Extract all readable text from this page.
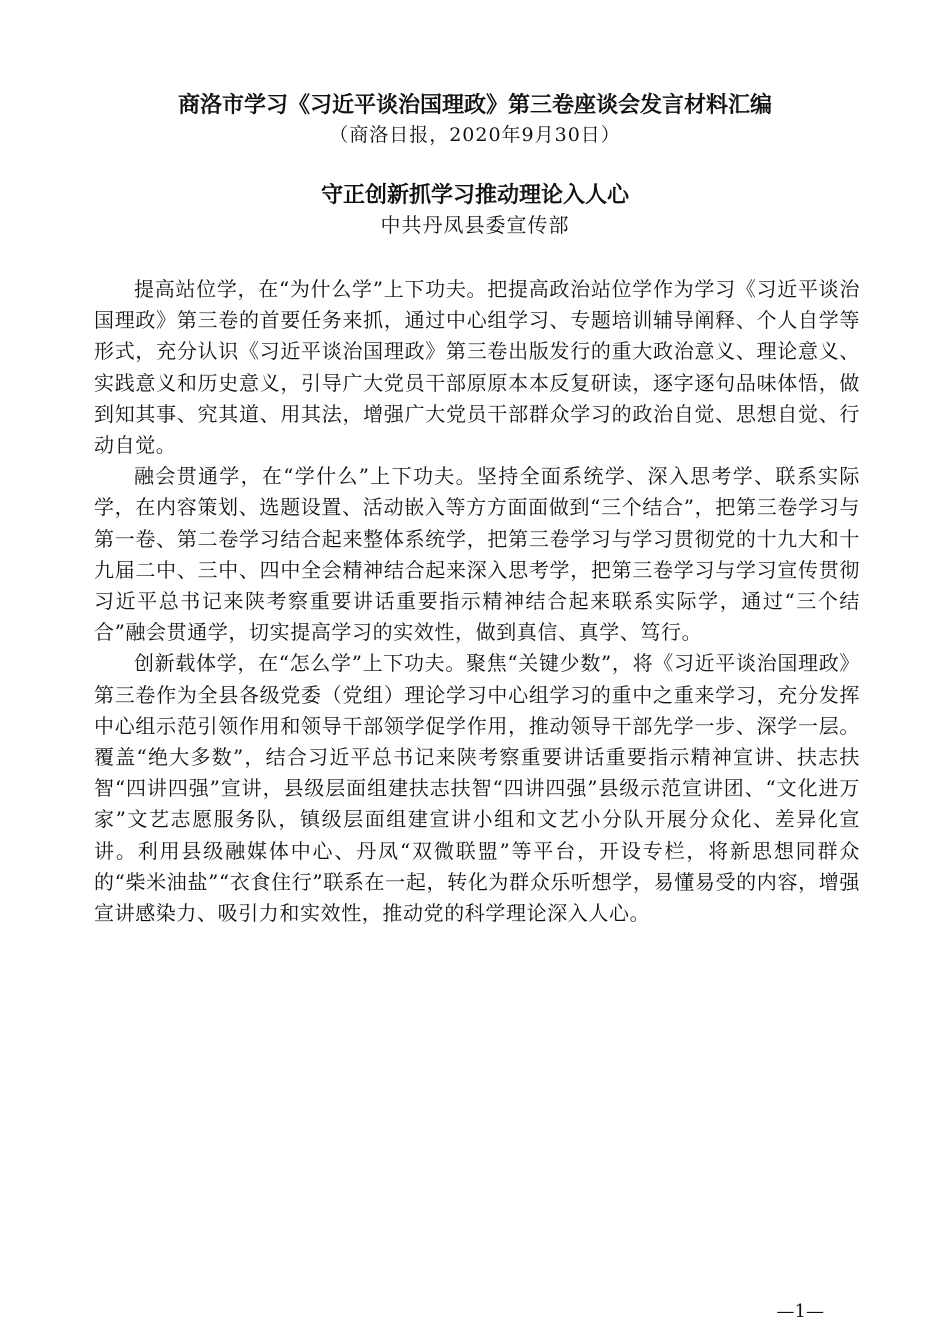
商洛市学习《习近平谈治国理政》第三卷座谈会发言材料汇编
（商洛日报，2020年9月30日）
守正创新抓学习推动理论入人心
中共丹凤县委宣传部

提高站位学，在“为什么学”上下功夫。把提高政治站位学作为学习《习近平谈治国理政》第三卷的首要任务来抓，通过中心组学习、专题培训辅导阐释、个人自学等形式，充分认识《习近平谈治国理政》第三卷出版发行的重大政治意义、理论意义、实践意义和历史意义，引导广大党员干部原原本本反复研读，逐字逐句品味体悟，做到知其事、究其道、用其法，增强广大党员干部群众学习的政治自觉、思想自觉、行动自觉。

融会贯通学，在“学什么”上下功夫。坚持全面系统学、深入思考学、联系实际学，在内容策划、选题设置、活动嵌入等方方面面做到“三个结合”，把第三卷学习与第一卷、第二卷学习结合起来整体系统学，把第三卷学习与学习贯彻党的十九大和十九届二中、三中、四中全会精神结合起来深入思考学，把第三卷学习与学习宣传贯彻习近平总书记来陕考察重要讲话重要指示精神结合起来联系实际学，通过“三个结合”融会贯通学，切实提高学习的实效性，做到真信、真学、笃行。

创新载体学，在“怎么学”上下功夫。聚焦“关键少数”，将《习近平谈治国理政》第三卷作为全县各级党委（党组）理论学习中心组学习的重中之重来学习，充分发挥中心组示范引领作用和领导干部领学促学作用，推动领导干部先学一步、深学一层。覆盖“绝大多数”，结合习近平总书记来陕考察重要讲话重要指示精神宣讲、扶志扶智“四讲四强”宣讲，县级层面组建扶志扶智“四讲四强”县级示范宣讲团、“文化进万家”文艺志愿服务队，镇级层面组建宣讲小组和文艺小分队开展分众化、差异化宣讲。利用县级融媒体中心、丹凤“双微联盟”等平台，开设专栏，将新思想同群众的“柴米油盐”“衣食住行”联系在一起，转化为群众乐听想学，易懂易受的内容，增强宣讲感染力、吸引力和实效性，推动党的科学理论深入人心。

—1—
